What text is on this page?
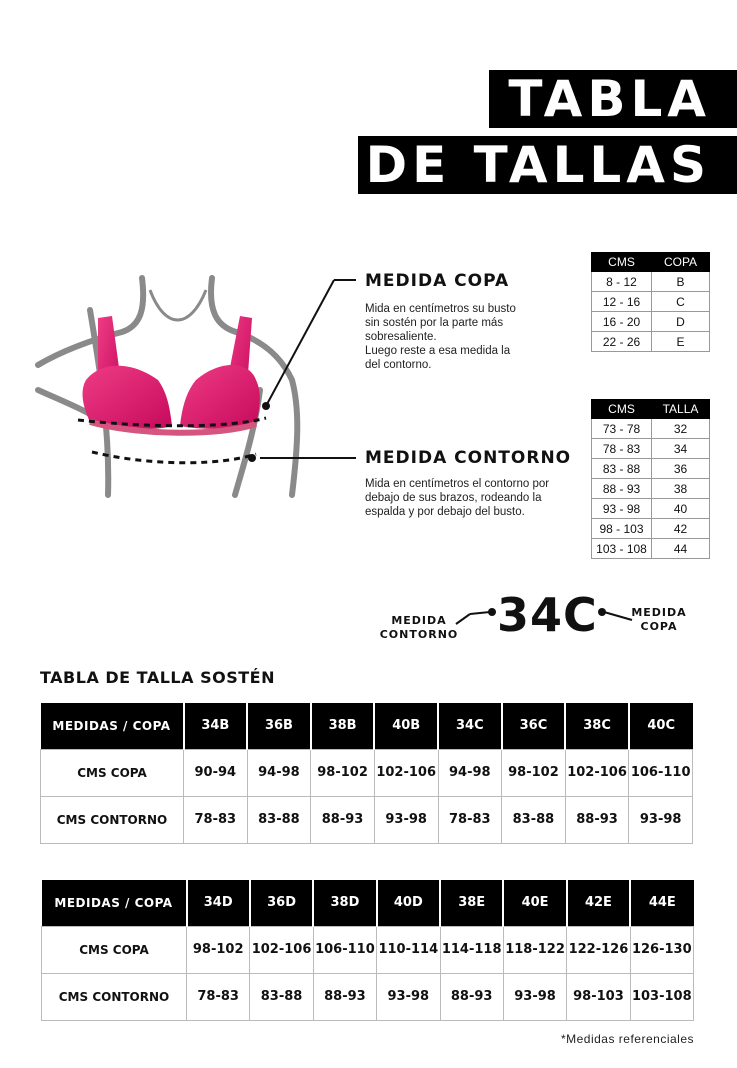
TABLA
DE TALLAS
MEDIDA COPA
Mida en centímetros su busto
sin sostén por la parte más
sobresaliente.
Luego reste a esa medida la
del contorno.
MEDIDA CONTORNO
Mida en centímetros el contorno por
debajo de sus brazos, rodeando la
espalda y por debajo del busto.
CMS	COPA
8 - 12	B
12 - 16	C
16 - 20	D
22 - 26	E
CMS	TALLA
73 - 78	32
78 - 83	34
83 - 88	36
88 - 93	38
93 - 98	40
98 - 103	42
103 - 108	44
MEDIDA
CONTORNO 34C	MEDIDA
COPA
TABLA DE TALLA SOSTÉN
MEDIDAS / COPA	34B	36B	38B	40B	34C	36C	38C	40C
CMS COPA	90-94	94-98	98-102	102-106	94-98	98-102	102-106	106-110
CMS CONTORNO	78-83	83-88	88-93	93-98	78-83	83-88	88-93	93-98
MEDIDAS / COPA	34D	36D	38D	40D	38E	40E	42E	44E
CMS COPA	98-102	102-106	106-110	110-114	114-118	118-122	122-126	126-130
CMS CONTORNO	78-83	83-88	88-93	93-98	88-93	93-98	98-103	103-108
*Medidas referenciales
